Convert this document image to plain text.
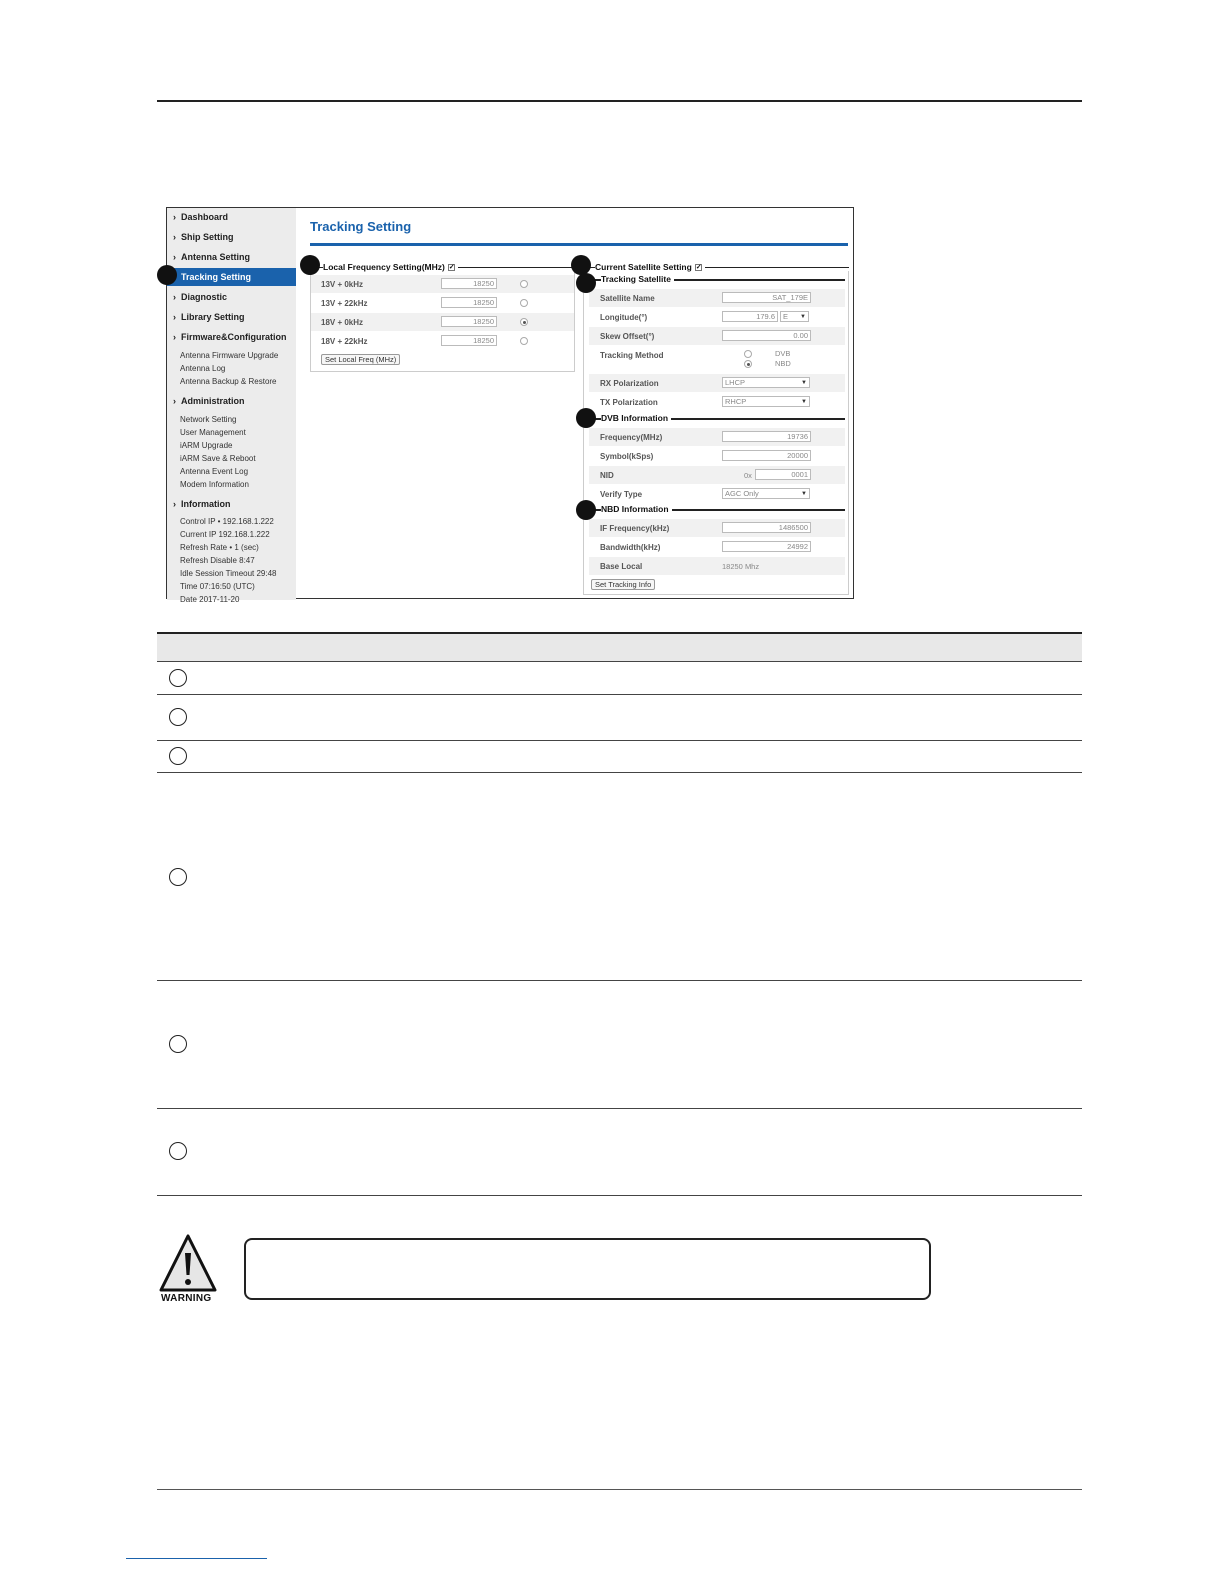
› Dashboard
› Ship Setting
› Antenna Setting
Tracking Setting
› Diagnostic
› Library Setting
› Firmware&Configuration
Antenna Firmware Upgrade
Antenna Log
Antenna Backup & Restore
› Administration
Network Setting
User Management
iARM Upgrade
iARM Save & Reboot
Antenna Event Log
Modem Information
› Information
Control IP • 192.168.1.222
Current IP 192.168.1.222
Refresh Rate • 1 (sec)
Refresh Disable 8:47
Idle Session Timeout 29:48
Time 07:16:50 (UTC)
Date 2017-11-20
Tracking Setting
Local Frequency Setting(MHz) ✓
13V + 0kHz	18250
13V + 22kHz	18250
18V + 0kHz	18250
18V + 22kHz	18250
Set Local Freq (MHz)
Current Satellite Setting ✓
Tracking Satellite
Satellite Name	SAT_179E
Longitude(°)	179.6	E ▼
Skew Offset(°)	0.00
Tracking Method	DVB
NBD
RX Polarization	LHCP	▼
TX Polarization	RHCP	▼
DVB Information
Frequency(MHz)	19736
Symbol(kSps)	20000
NID	0x	0001
Verify Type	AGC Only	▼
NBD Information
IF Frequency(kHz)	1486500
Bandwidth(kHz)	24992
Base Local	18250 Mhz
Set Tracking Info
WARNING
